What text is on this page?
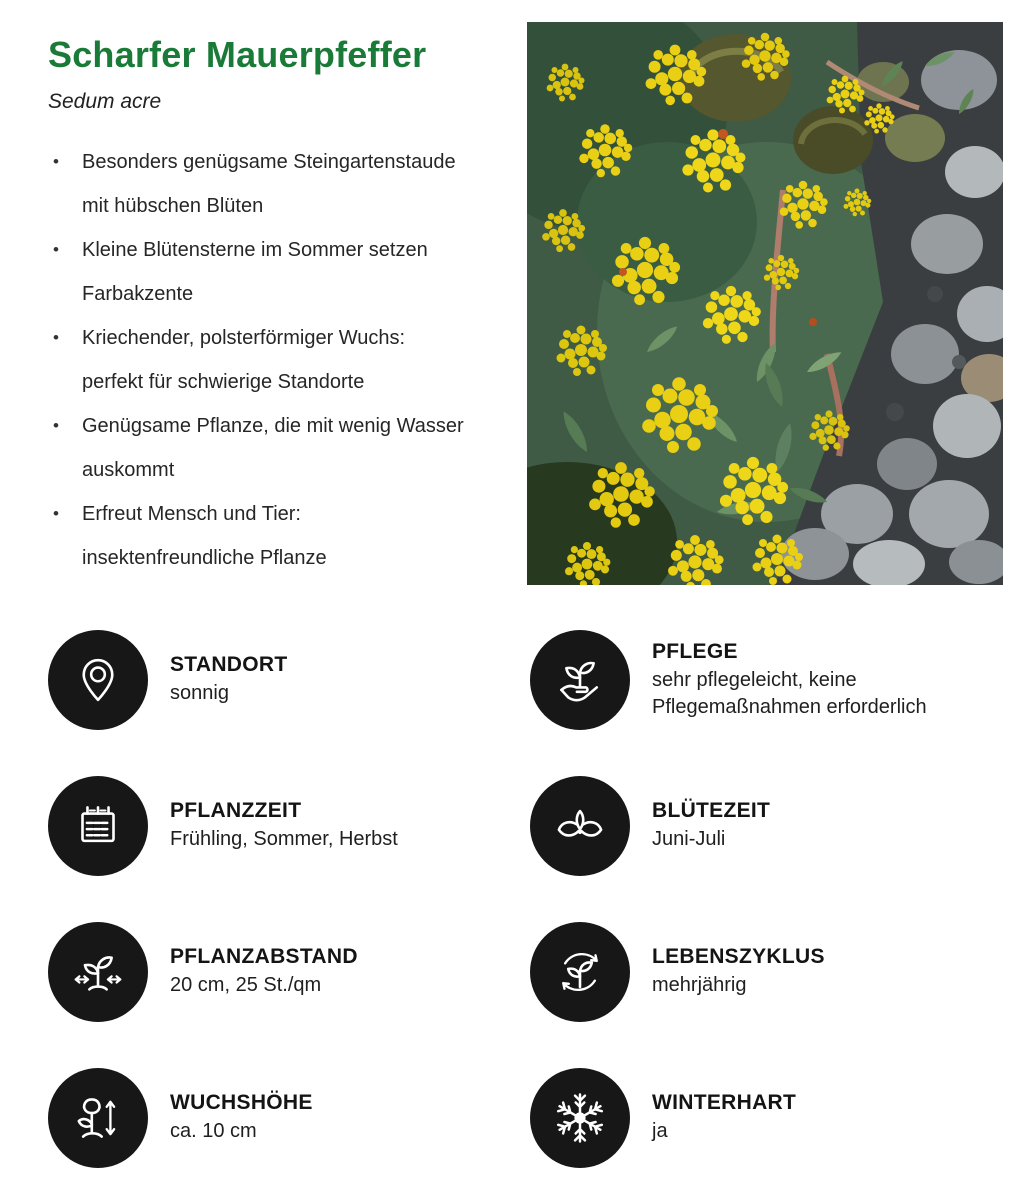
Scharfer Mauerpfeffer

Sedum acre

•	Besonders genügsame Steingartenstaude
mit hübschen Blüten
•	Kleine Blütensterne im Sommer setzen
Farbakzente
•	Kriechender, polsterförmiger Wuchs:
perfekt für schwierige Standorte
•	Genügsame Pflanze, die mit wenig Wasser
auskommt
•	Erfreut Mensch und Tier:
insektenfreundliche Pflanze
STANDORT
sonnig
PFLEGE
sehr pflegeleicht, keine Pflegemaßnahmen erforderlich
PFLANZZEIT
Frühling, Sommer, Herbst
BLÜTEZEIT
Juni-Juli
PFLANZABSTAND
20 cm, 25 St./qm
LEBENSZYKLUS
mehrjährig
WUCHSHÖHE
ca. 10 cm
WINTERHART
ja
